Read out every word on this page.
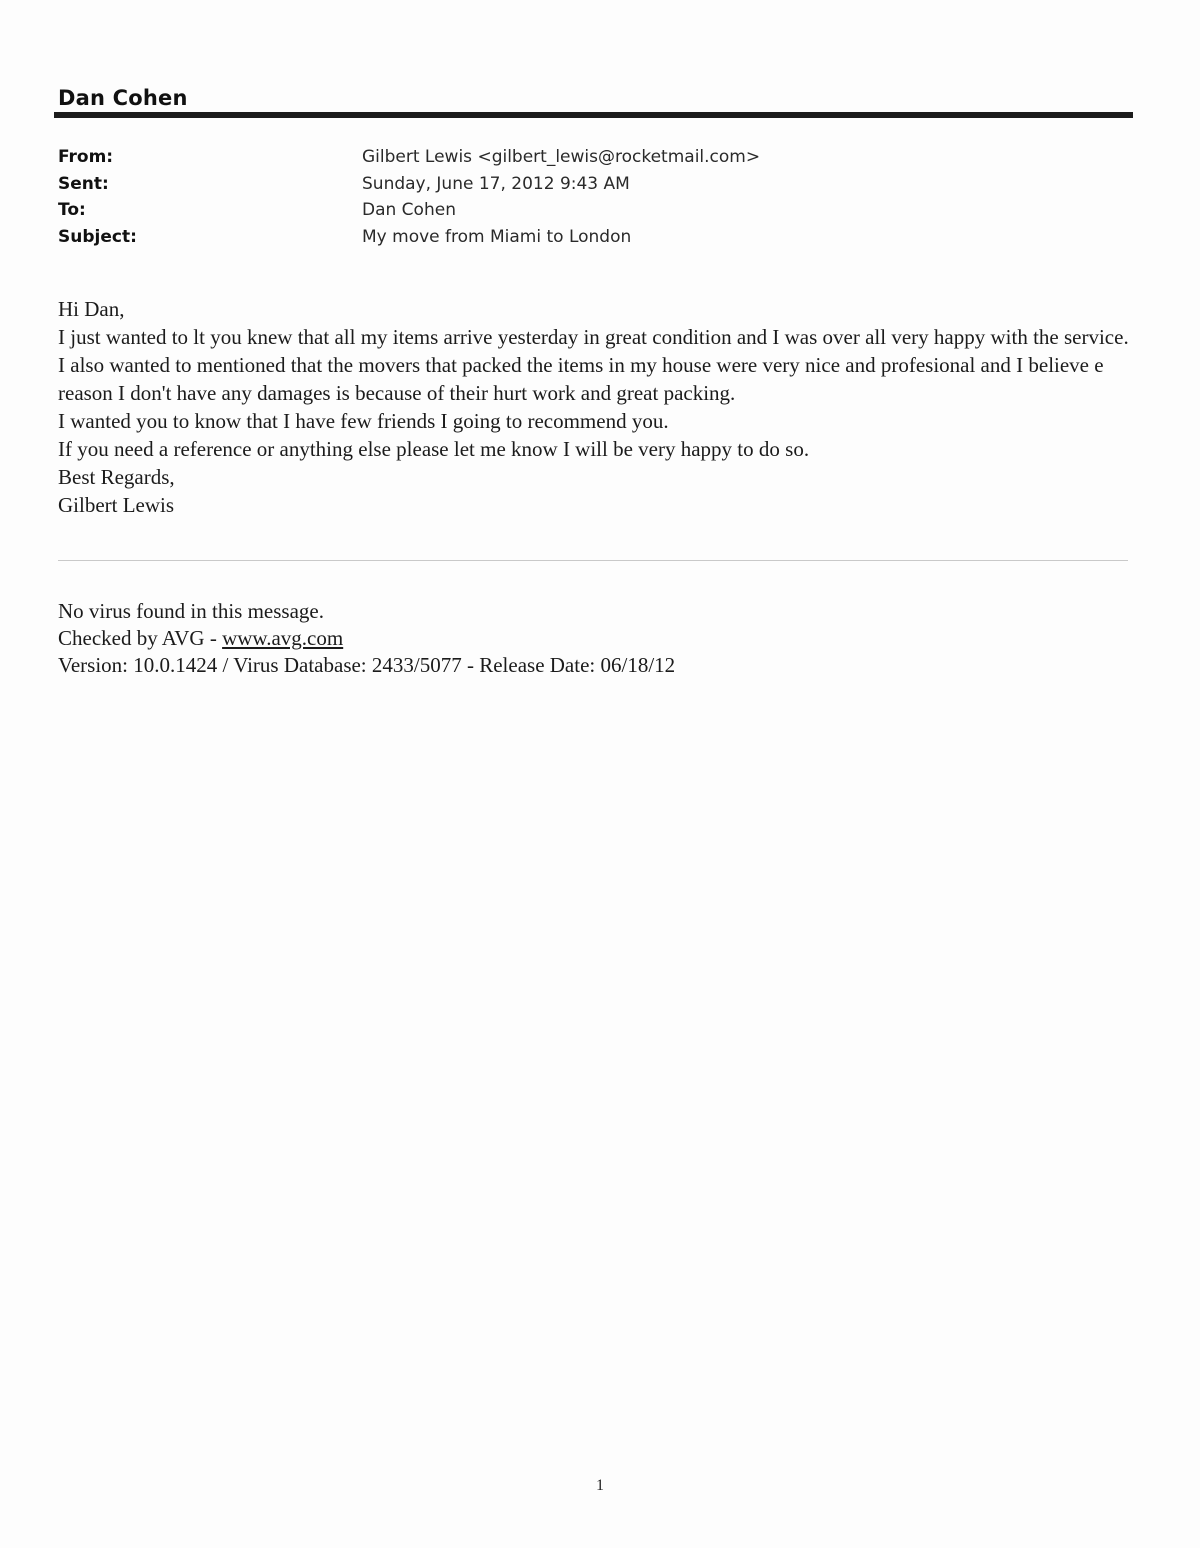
Dan Cohen
From:	Gilbert Lewis <gilbert_lewis@rocketmail.com>
Sent:	Sunday, June 17, 2012 9:43 AM
To:	Dan Cohen
Subject:	My move from Miami to London

Hi Dan,

I just wanted to lt you knew that all my items arrive yesterday in great condition and I was over all very happy with the service.

I also wanted to mentioned that the movers that packed the items in my house were very nice and profesional and I believe e reason I don't have any damages is because of their hurt work and great packing.

I wanted you to know that I have few friends I going to recommend you.

If you need a reference or anything else please let me know I will be very happy to do so.

Best Regards,

Gilbert Lewis

No virus found in this message.

Checked by AVG - www.avg.com

Version: 10.0.1424 / Virus Database: 2433/5077 - Release Date: 06/18/12

1
